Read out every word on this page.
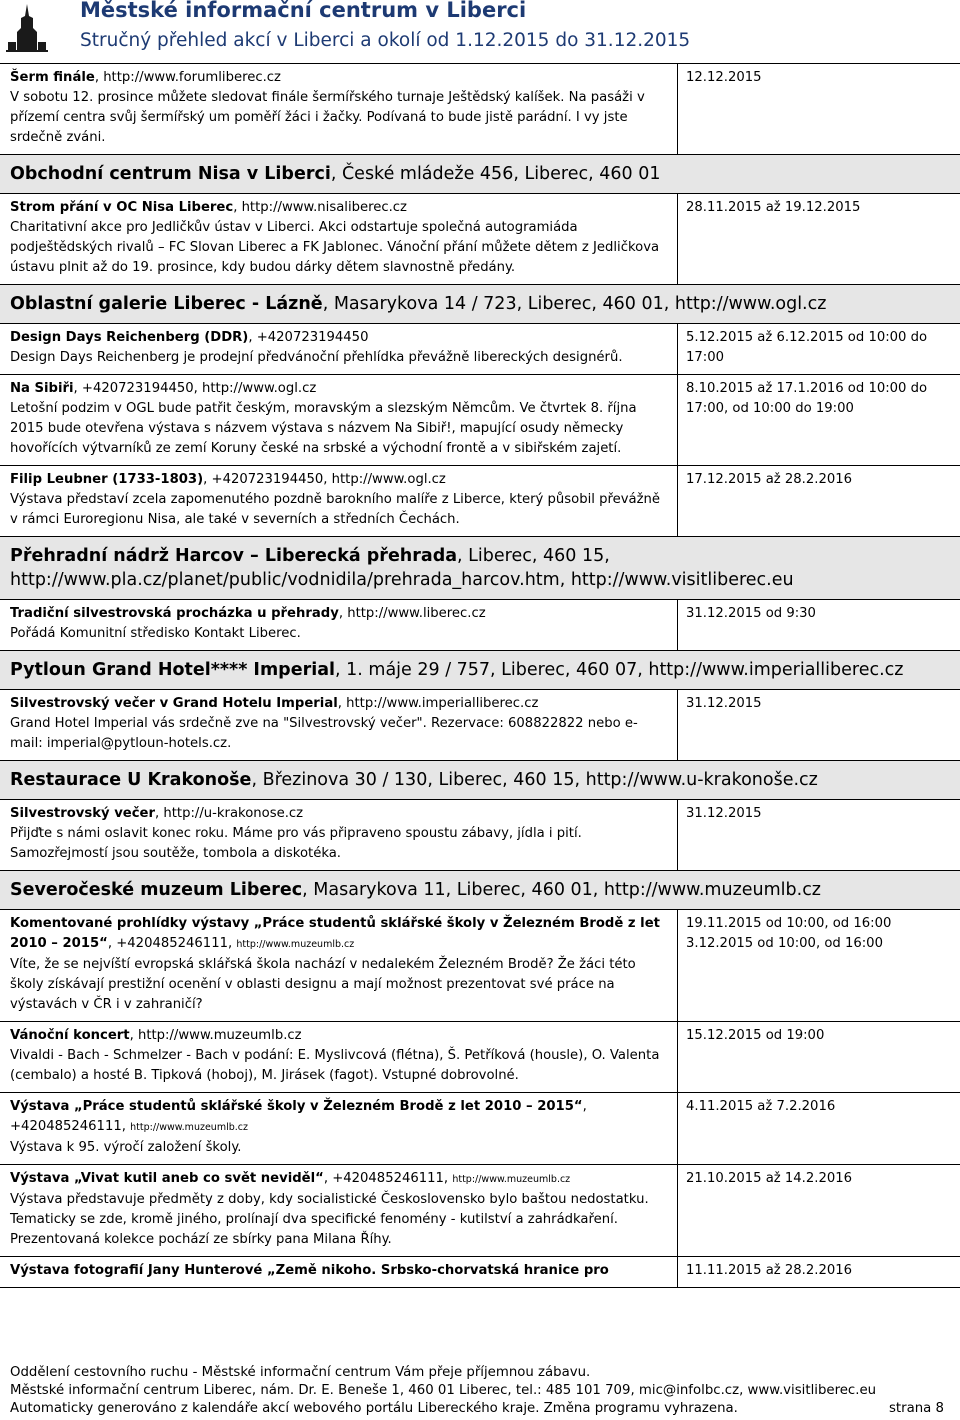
Městské informační centrum v Liberci
Stručný přehled akcí v Liberci a okolí od 1.12.2015 do 31.12.2015

Šerm finále, http://www.forumliberec.cz

V sobotu 12. prosince můžete sledovat finále šermířského turnaje Ještědský kalíšek. Na pasáži v přízemí centra svůj šermířský um poměří žáci i žačky. Podívaná to bude jistě parádní. I vy jste srdečně zváni.

12.12.2015
Obchodní centrum Nisa v Liberci, České mládeže 456, Liberec, 460 01

Strom přání v OC Nisa Liberec, http://www.nisaliberec.cz

Charitativní akce pro Jedličkův ústav v Liberci. Akci odstartuje společná autogramiáda podještědských rivalů – FC Slovan Liberec a FK Jablonec. Vánoční přání můžete dětem z Jedličkova ústavu plnit až do 19. prosince, kdy budou dárky dětem slavnostně předány.

28.11.2015 až 19.12.2015
Oblastní galerie Liberec - Lázně, Masarykova 14 / 723, Liberec, 460 01, http://www.ogl.cz

Design Days Reichenberg (DDR), +420723194450

Design Days Reichenberg je prodejní předvánoční přehlídka převážně libereckých designérů.

5.12.2015 až 6.12.2015 od 10:00 do 17:00

Na Sibiři, +420723194450, http://www.ogl.cz

Letošní podzim v OGL bude patřit českým, moravským a slezským Němcům. Ve čtvrtek 8. října 2015 bude otevřena výstava s názvem výstava s názvem Na Sibiř!, mapující osudy německy hovořících výtvarníků ze zemí Koruny české na srbské a východní frontě a v sibiřském zajetí.

8.10.2015 až 17.1.2016 od 10:00 do 17:00, od 10:00 do 19:00

Filip Leubner (1733-1803), +420723194450, http://www.ogl.cz

Výstava představí zcela zapomenutého pozdně barokního malíře z Liberce, který působil převážně v rámci Euroregionu Nisa, ale také v severních a středních Čechách.

17.12.2015 až 28.2.2016
Přehradní nádrž Harcov – Liberecká přehrada, Liberec, 460 15, http://www.pla.cz/planet/public/vodnidila/prehrada_harcov.htm, http://www.visitliberec.eu

Tradiční silvestrovská procházka u přehrady, http://www.liberec.cz

Pořádá Komunitní středisko Kontakt Liberec.

31.12.2015 od 9:30
Pytloun Grand Hotel**** Imperial, 1. máje 29 / 757, Liberec, 460 07, http://www.imperialliberec.cz

Silvestrovský večer v Grand Hotelu Imperial, http://www.imperialliberec.cz

Grand Hotel Imperial vás srdečně zve na "Silvestrovský večer". Rezervace: 608822822 nebo e-mail: imperial@pytloun-hotels.cz.

31.12.2015
Restaurace U Krakonoše, Březinova 30 / 130, Liberec, 460 15, http://www.u-krakonoše.cz

Silvestrovský večer, http://u-krakonose.cz

Přijďte s námi oslavit konec roku. Máme pro vás připraveno spoustu zábavy, jídla i pití. Samozřejmostí jsou soutěže, tombola a diskotéka.

31.12.2015
Severočeské muzeum Liberec, Masarykova 11, Liberec, 460 01, http://www.muzeumlb.cz

Komentované prohlídky výstavy „Práce studentů sklářské školy v Železném Brodě z let 2010 – 2015“, +420485246111, http://www.muzeumlb.cz

Víte, že se nejvíští evropská sklářská škola nachází v nedalekém Železném Brodě? Že žáci této školy získávají prestižní ocenění v oblasti designu a mají možnost prezentovat své práce na výstavách v ČR i v zahraničí?

19.11.2015 od 10:00, od 16:00 3.12.2015 od 10:00, od 16:00

Vánoční koncert, http://www.muzeumlb.cz

Vivaldi - Bach - Schmelzer - Bach v podání: E. Myslivcová (flétna), Š. Petříková (housle), O. Valenta (cembalo) a hosté B. Tipková (hoboj), M. Jirásek (fagot). Vstupné dobrovolné.

15.12.2015 od 19:00

Výstava „Práce studentů sklářské školy v Železném Brodě z let 2010 – 2015“, +420485246111, http://www.muzeumlb.cz

Výstava k 95. výročí založení školy.

4.11.2015 až 7.2.2016

Výstava „Vivat kutil aneb co svět neviděl“, +420485246111, http://www.muzeumlb.cz

Výstava představuje předměty z doby, kdy socialistické Československo bylo baštou nedostatku. Tematicky se zde, kromě jiného, prolínají dva specifické fenomény - kutilství a zahrádkaření. Prezentovaná kolekce pochází ze sbírky pana Milana Říhy.

21.10.2015 až 14.2.2016

Výstava fotografií Jany Hunterové „Země nikoho. Srbsko-chorvatská hranice pro	11.11.2015 až 28.2.2016
Oddělení cestovního ruchu - Městské informační centrum Vám přeje příjemnou zábavu.
Městské informační centrum Liberec, nám. Dr. E. Beneše 1, 460 01 Liberec, tel.: 485 101 709, mic@infolbc.cz, www.visitliberec.eu
Automaticky generováno z kalendáře akcí webového portálu Libereckého kraje. Změna programu vyhrazena.	strana 8
